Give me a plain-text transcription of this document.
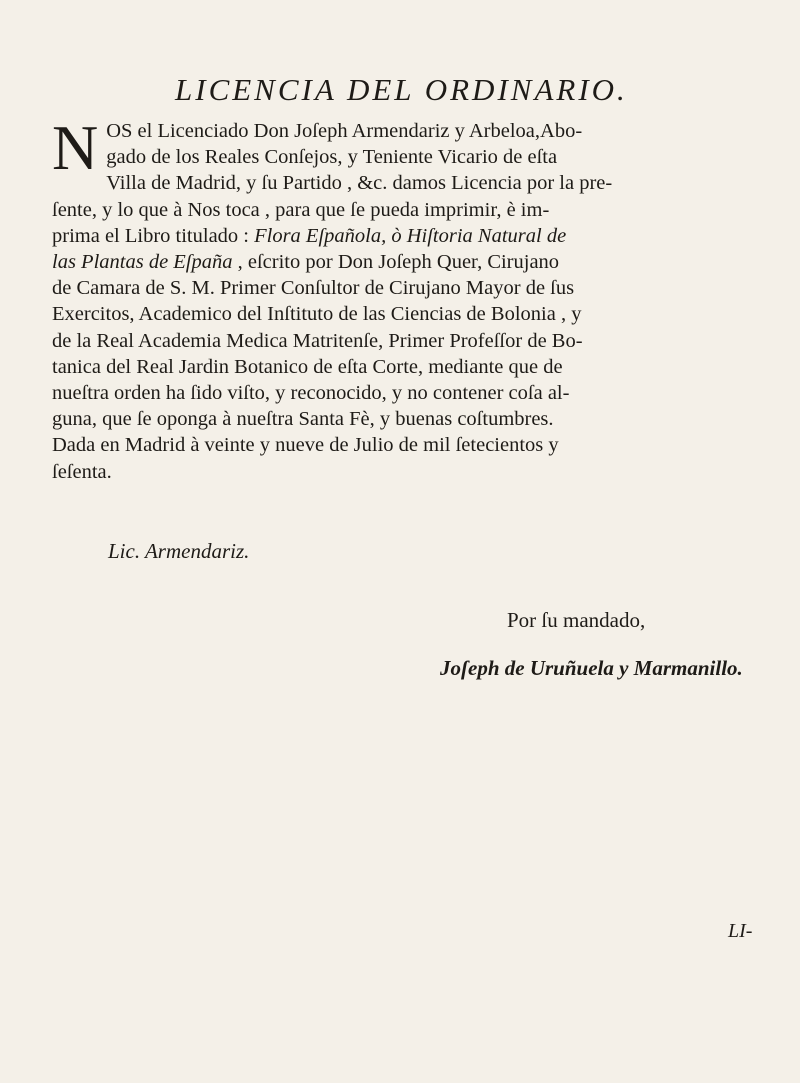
LICENCIA DEL ORDINARIO.
N OS el Licenciado Don Joſeph Armendariz y Arbeloa,Abo-
gado de los Reales Conſejos, y Teniente Vicario de eſta
Villa de Madrid, y ſu Partido , &c. damos Licencia por la pre-
ſente, y lo que à Nos toca , para que ſe pueda imprimir, è im-
prima el Libro titulado : Flora Eſpañola, ò Hiſtoria Natural de
las Plantas de Eſpaña , eſcrito por Don Joſeph Quer, Cirujano
de Camara de S. M. Primer Conſultor de Cirujano Mayor de ſus
Exercitos, Academico del Inſtituto de las Ciencias de Bolonia , y
de la Real Academia Medica Matritenſe, Primer Profeſſor de Bo-
tanica del Real Jardin Botanico de eſta Corte, mediante que de
nueſtra orden ha ſido viſto, y reconocido, y no contener coſa al-
guna, que ſe oponga à nueſtra Santa Fè, y buenas coſtumbres.
Dada en Madrid à veinte y nueve de Julio de mil ſetecientos y
ſeſenta.
Lic. Armendariz.
Por ſu mandado,
Joſeph de Uruñuela y Marmanillo.
LI-
